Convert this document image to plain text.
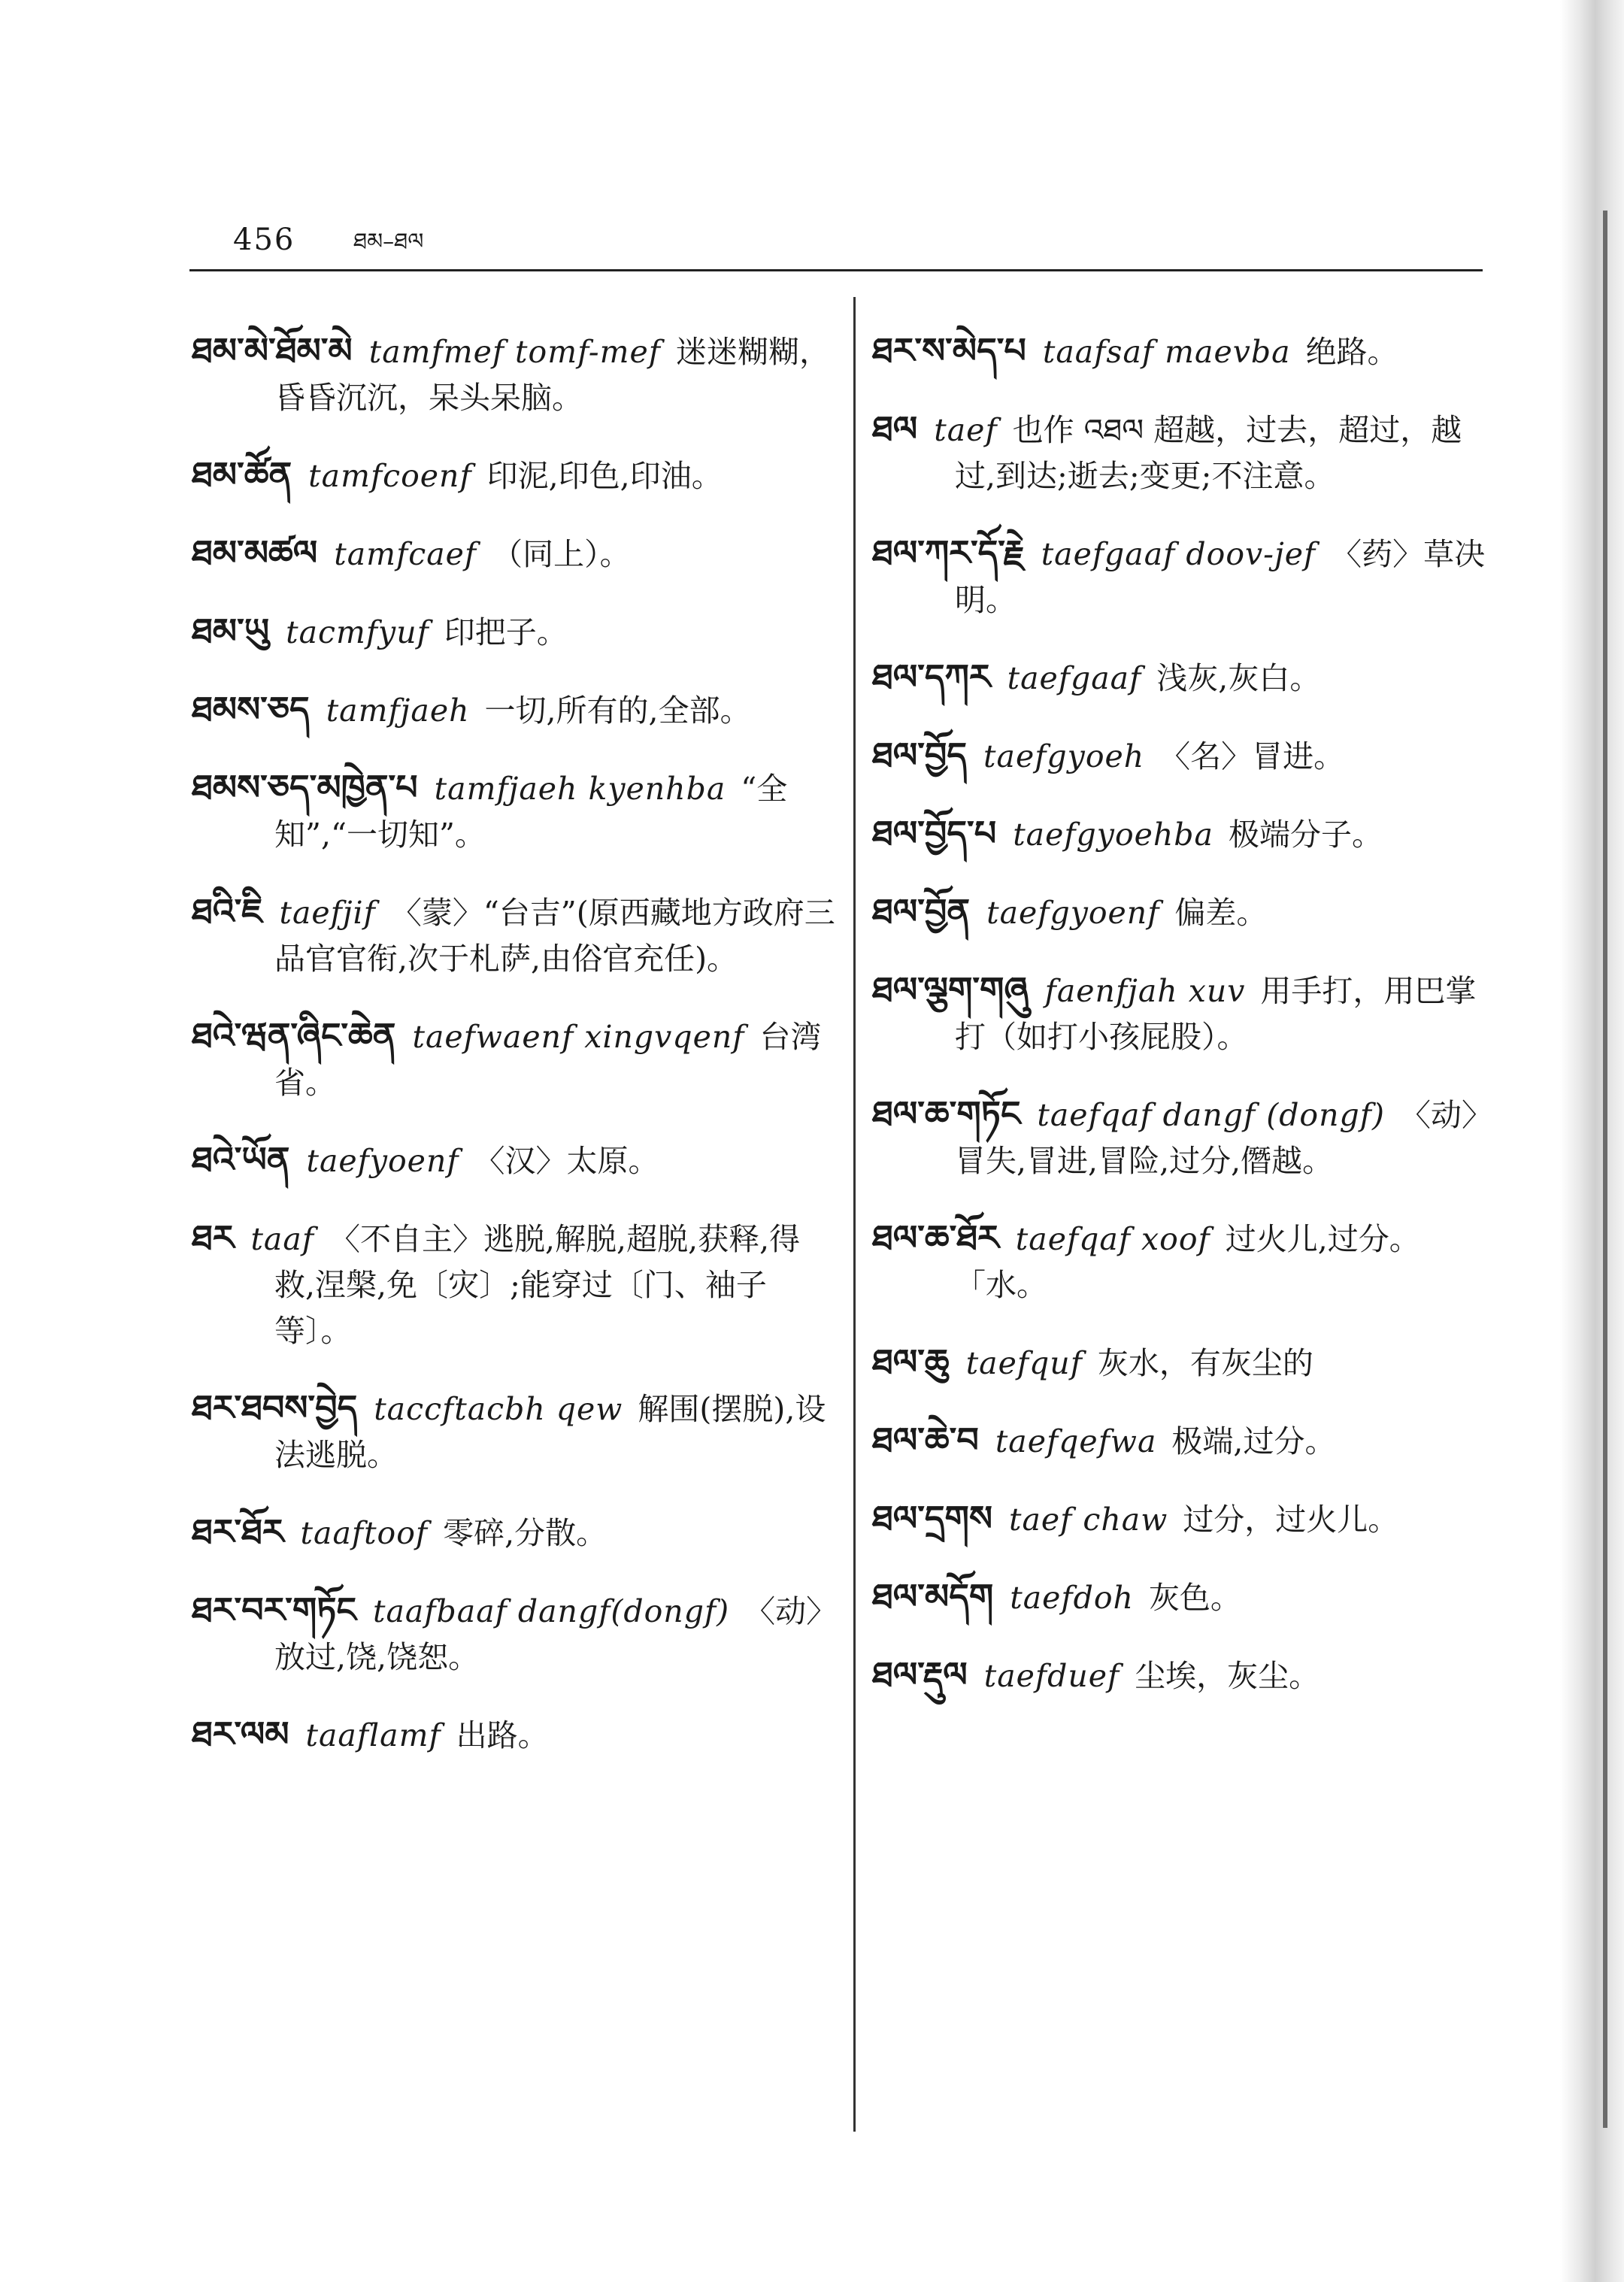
456	ཐམ–ཐལ

ཐམ་མེ་ཐོམ་མེ tamfmef tomf-mef 迷迷糊糊，昏昏沉沉，呆头呆脑。

ཐམ་ཚོན tamfcoenf 印泥,印色,印油。

ཐམ་མཚལ tamfcaef （同上）。

ཐམ་ཡུ tacmfyuf 印把子。

ཐམས་ཅད tamfjaeh 一切,所有的,全部。

ཐམས་ཅད་མཁྱེན་པ tamfjaeh kyenhba “全知”,“一切知”。

ཐའི་ཇི taefjif 〈蒙〉“台吉”(原西藏地方政府三品官官衔,次于札萨,由俗官充任)。

ཐའེ་ཝན་ཞིང་ཆེན taefwaenf xingvqenf 台湾省。

ཐའེ་ཡོན taefyoenf 〈汉〉太原。

ཐར taaf 〈不自主〉逃脱,解脱,超脱,获释,得救,涅槃,免〔灾〕;能穿过〔门、袖子等〕。

ཐར་ཐབས་བྱེད taccftacbh qew 解围(摆脱),设法逃脱。

ཐར་ཐོར taaftoof 零碎,分散。

ཐར་བར་གཏོང taafbaaf dangf(dongf) 〈动〉放过,饶,饶恕。

ཐར་ལམ taaflamf 出路。

ཐར་ས་མེད་པ taafsaf maevba 绝路。

ཐལ taef 也作 འཐལ 超越，过去，超过，越过,到达;逝去;变更;不注意。

ཐལ་ཀར་དོ་རྗེ taefgaaf doov-jef 〈药〉草决明。

ཐལ་དཀར taefgaaf 浅灰,灰白。

ཐལ་བྱོད taefgyoeh 〈名〉冒进。

ཐལ་བྱོད་པ taefgyoehba 极端分子。

ཐལ་བྱོན taefgyoenf 偏差。

ཐལ་ལྕག་གཞུ faenfjah xuv 用手打，用巴掌打（如打小孩屁股）。

ཐལ་ཆ་གཏོང taefqaf dangf (dongf) 〈动〉冒失,冒进,冒险,过分,僭越。

ཐལ་ཆ་ཐོར taefqaf xoof 过火儿,过分。 「水。

ཐལ་ཆུ taefquf 灰水，有灰尘的

ཐལ་ཆེ་བ taefqefwa 极端,过分。

ཐལ་དྲགས taef chaw 过分，过火儿。

ཐལ་མདོག taefdoh 灰色。

ཐལ་རྡུལ taefduef 尘埃，灰尘。
